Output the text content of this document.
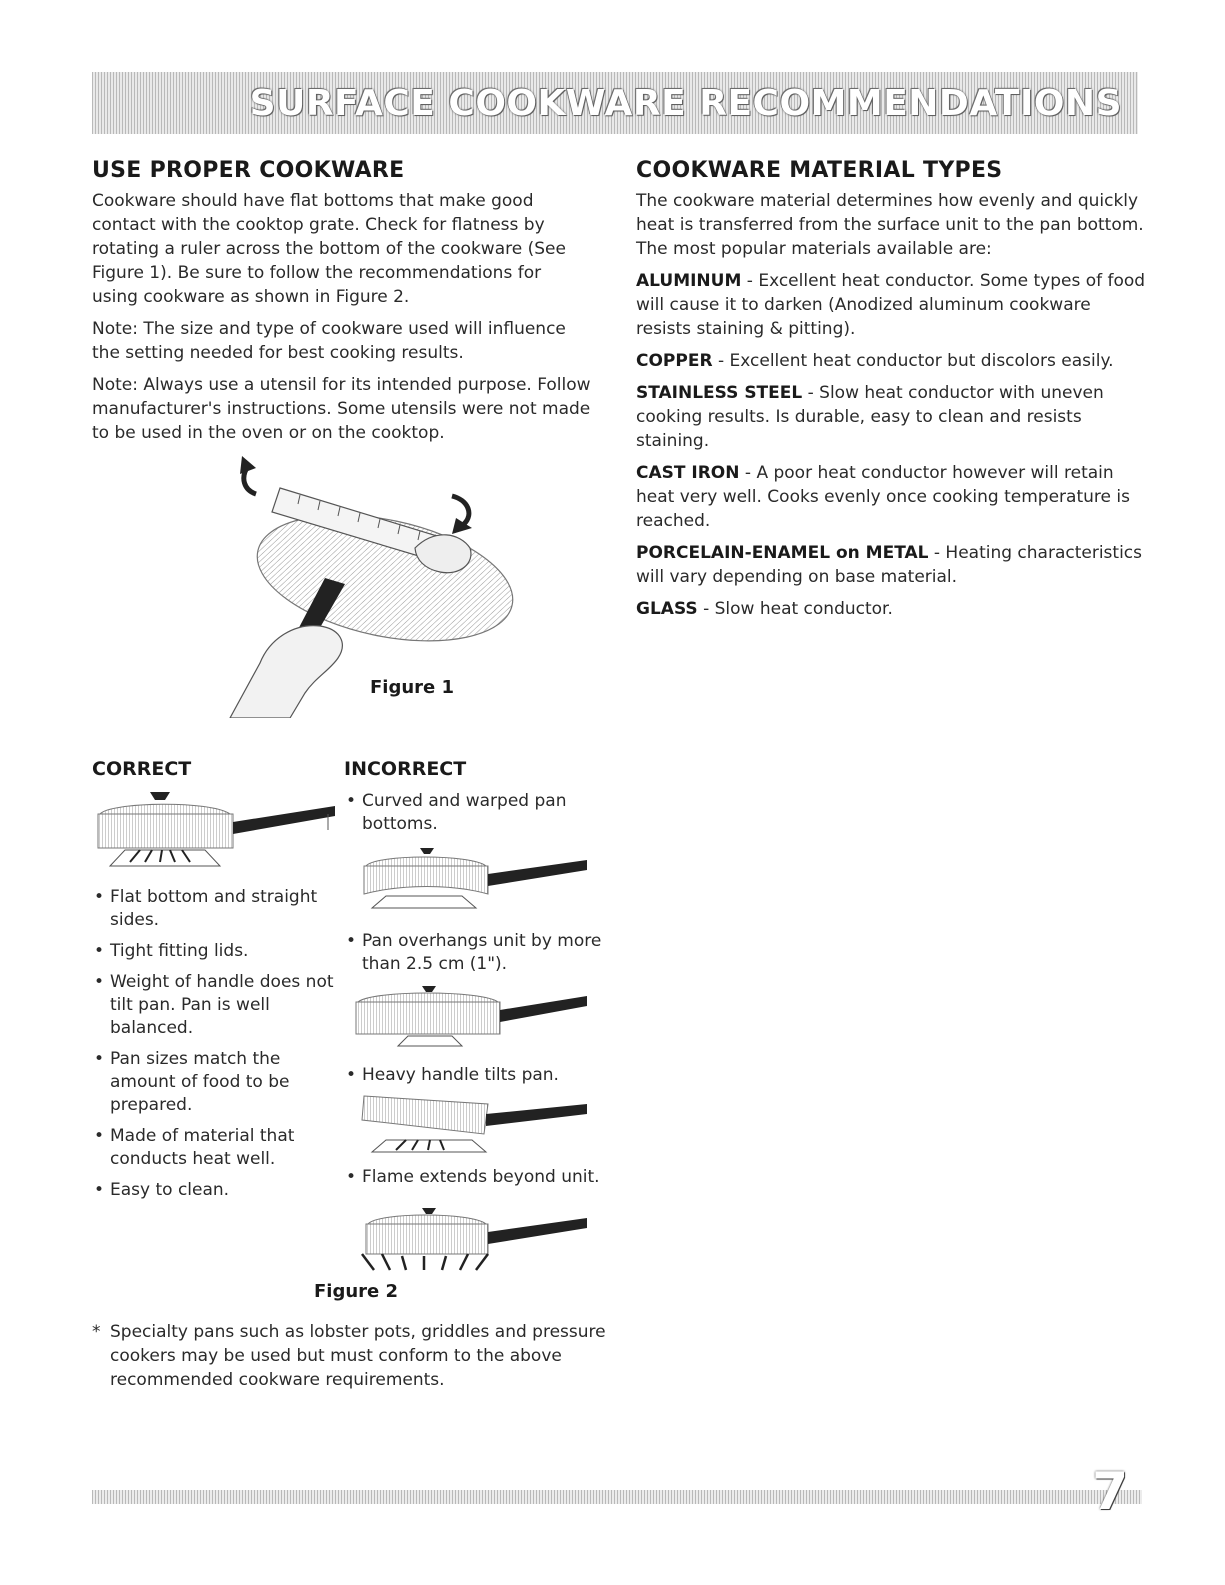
SURFACE COOKWARE RECOMMENDATIONS
USE PROPER COOKWARE

Cookware should have flat bottoms that make good contact with the cooktop grate. Check for flatness by rotating a ruler across the bottom of the cookware (See Figure 1). Be sure to follow the recommendations for using cookware as shown in Figure 2.

Note: The size and type of cookware used will influence the setting needed for best cooking results.

Note: Always use a utensil for its intended purpose. Follow manufacturer's instructions. Some utensils were not made to be used in the oven or on the cooktop.

Figure 1
COOKWARE MATERIAL TYPES

The cookware material determines how evenly and quickly heat is transferred from the surface unit to the pan bottom. The most popular materials available are:

ALUMINUM - Excellent heat conductor. Some types of food will cause it to darken (Anodized aluminum cookware resists staining & pitting).

COPPER - Excellent heat conductor but discolors easily.

STAINLESS STEEL - Slow heat conductor with uneven cooking results. Is durable, easy to clean and resists staining.

CAST IRON - A poor heat conductor however will retain heat very well. Cooks evenly once cooking temperature is reached.

PORCELAIN-ENAMEL on METAL - Heating characteristics will vary depending on base material.

GLASS - Slow heat conductor.

CORRECT	INCORRECT
• Flat bottom and straight sides.
• Tight fitting lids.
• Weight of handle does not tilt pan. Pan is well balanced.
• Pan sizes match the amount of food to be prepared.
• Made of material that conducts heat well.
• Easy to clean.
• Curved and warped pan bottoms.
• Pan overhangs unit by more than 2.5 cm (1").
• Heavy handle tilts pan.
• Flame extends beyond unit.
Figure 2
* Specialty pans such as lobster pots, griddles and pressure cookers may be used but must conform to the above recommended cookware requirements.
7
